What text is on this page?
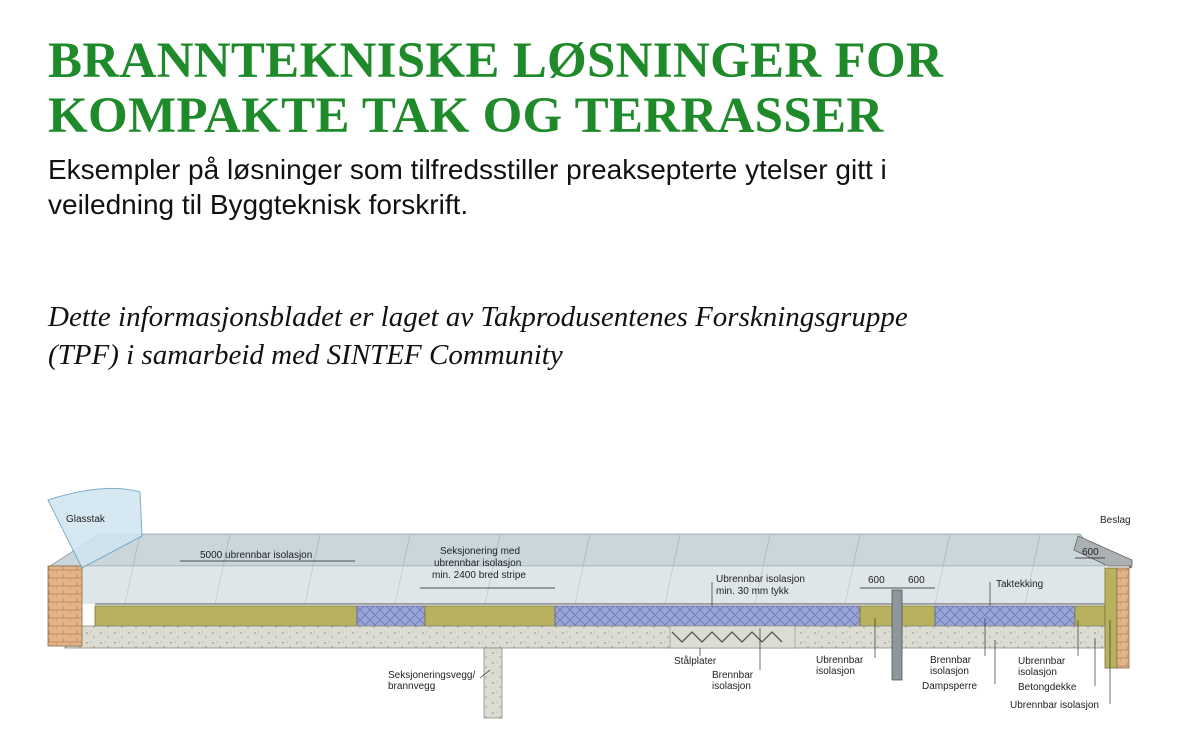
BRANNTEKNISKE LØSNINGER FOR
KOMPAKTE TAK OG TERRASSER
Eksempler på løsninger som tilfredsstiller preaksepterte ytelser gitt i
veiledning til Byggteknisk forskrift.
Dette informasjonsbladet er laget av Takprodusentenes Forskningsgruppe
(TPF) i samarbeid med SINTEF Community
Glasstak	Beslag
5000 ubrennbar isolasjon	Seksjonering med
ubrennbar isolasjon
min. 2400 bred stripe	Ubrennbar isolasjon
min. 30 mm tykk
600 600
600
Taktekking
Stålplater
Brennbar
isolasjon
Ubrennbar
isolasjon
Brennbar
isolasjon
Dampsperre
Ubrennbar
isolasjon
Betongdekke
Ubrennbar isolasjon
Seksjoneringsvegg/
brannvegg
